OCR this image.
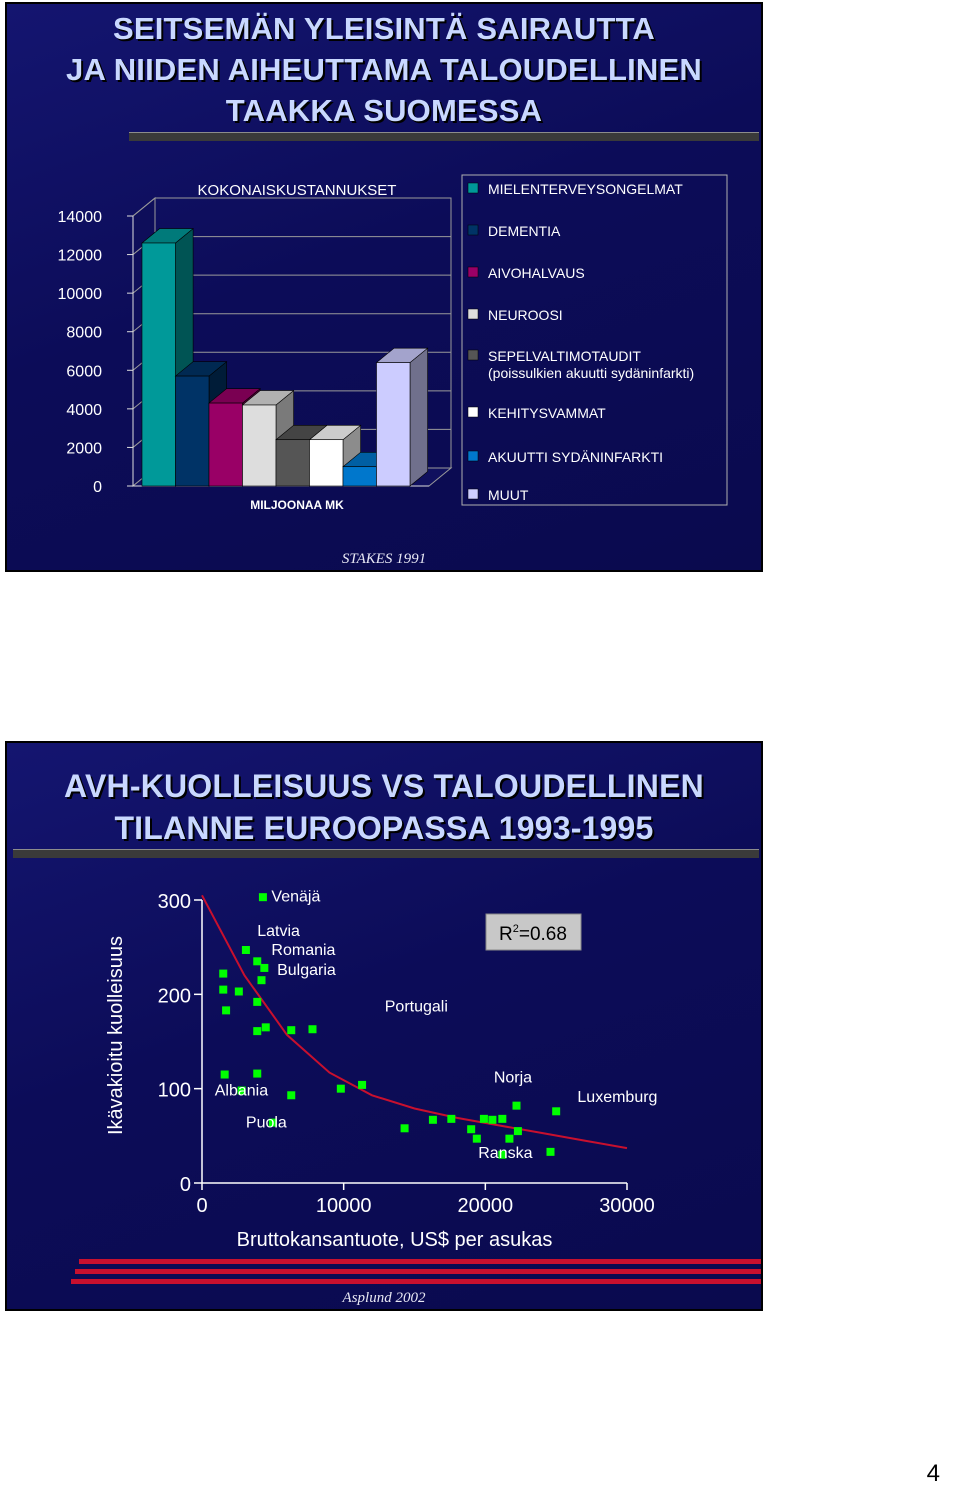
SEITSEMÄN YLEISINTÄ SAIRAUTTA
JA NIIDEN AIHEUTTAMA TALOUDELLINEN
TAAKKA SUOMESSA
0
2000
4000
6000
8000
10000
12000
14000
KOKONAISKUSTANNUKSET
MILJOONAA MK
MIELENTERVEYSONGELMAT
DEMENTIA
AIVOHALVAUS
NEUROOSI
SEPELVALTIMOTAUDIT
(poissulkien akuutti sydäninfarkti)
KEHITYSVAMMAT
AKUUTTI SYDÄNINFARKTI
MUUT
STAKES 1991
AVH-KUOLLEISUUS VS TALOUDELLINEN
TILANNE EUROOPASSA 1993-1995
0
100
200
300
0	10000	20000	30000
Ikävakioitu kuolleisuus
Bruttokansantuote, US$ per asukas
Venäjä
Latvia
Romania
Bulgaria
Portugali
Albania
Puola
Norja
Ranska
Luxemburg
$R^2=0.68$
Asplund 2002
4
